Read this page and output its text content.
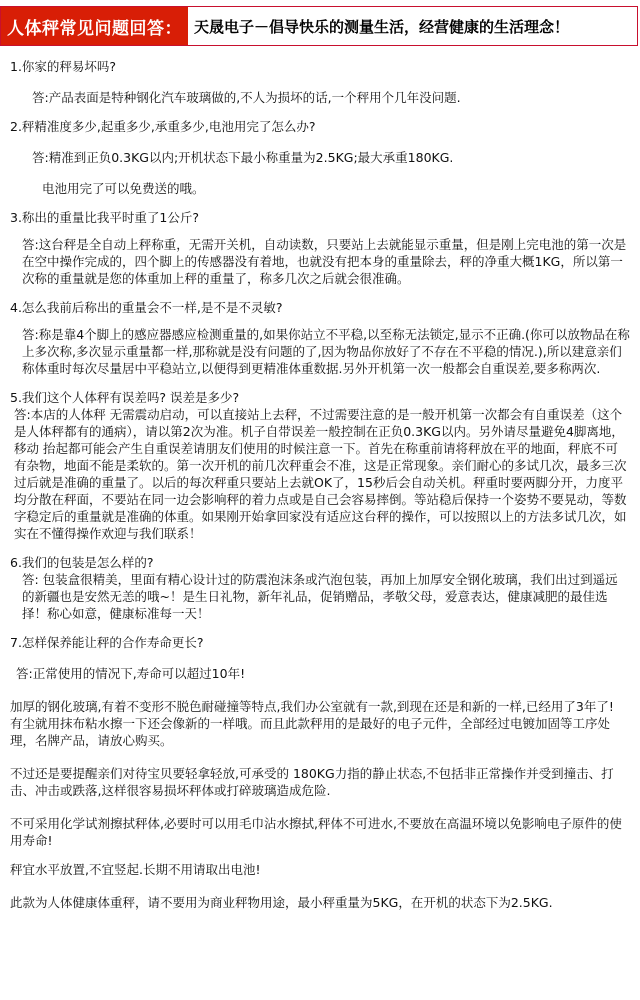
人体秤常见问题回答： 天晟电子－倡导快乐的测量生活，经营健康的生活理念！

1.你家的秤易坏吗?

答:产品表面是特种钢化汽车玻璃做的,不人为损坏的话,一个秤用个几年没问题.

2.秤精准度多少,起重多少,承重多少,电池用完了怎么办?

答:精准到正负0.3KG以内;开机状态下最小称重量为2.5KG;最大承重180KG.

电池用完了可以免费送的哦。

3.称出的重量比我平时重了1公斤?

答:这台秤是全自动上秤称重，无需开关机，自动读数，只要站上去就能显示重量，但是刚上完电池的第一次是在空中操作完成的，四个脚上的传感器没有着地，也就没有把本身的重量除去，秤的净重大概1KG，所以第一次称的重量就是您的体重加上秤的重量了，称多几次之后就会很准确。

4.怎么我前后称出的重量会不一样,是不是不灵敏?

答:称是靠4个脚上的感应器感应检测重量的,如果你站立不平稳,以至称无法锁定,显示不正确.(你可以放物品在称上多次称,多次显示重量都一样,那称就是没有问题的了,因为物品你放好了不存在不平稳的情况.),所以建意亲们称体重时每次尽量居中平稳站立,以便得到更精准体重数据.另外开机第一次一般都会自重误差,要多称两次.

5.我们这个人体秤有误差吗? 误差是多少?

答:本店的人体秤 无需震动启动，可以直接站上去秤，不过需要注意的是一般开机第一次都会有自重误差（这个是人体秤都有的通病），请以第2次为准。机子自带误差一般控制在正负0.3KG以内。另外请尽量避免4脚离地，移动 抬起都可能会产生自重误差请朋友们使用的时候注意一下。首先在称重前请将秤放在平的地面，秤底不可有杂物，地面不能是柔软的。第一次开机的前几次秤重会不准，这是正常现象。亲们耐心的多试几次，最多三次过后就是准确的重量了。以后的每次秤重只要站上去就OK了，15秒后会自动关机。秤重时要两脚分开，力度平均分散在秤面，不要站在同一边会影响秤的着力点或是自己会容易摔倒。等站稳后保持一个姿势不要晃动，等数字稳定后的重量就是准确的体重。如果刚开始拿回家没有适应这台秤的操作，可以按照以上的方法多试几次，如实在不懂得操作欢迎与我们联系！

6.我们的包装是怎么样的?

答: 包装盒很精美，里面有精心设计过的防震泡沫条或汽泡包装，再加上加厚安全钢化玻璃，我们出过到遥远的新疆也是安然无恙的哦~！是生日礼物，新年礼品，促销赠品，孝敬父母，爱意表达，健康减肥的最佳选择！称心如意，健康标准每一天！

7.怎样保养能让秤的合作寿命更长?

答:正常使用的情况下,寿命可以超过10年!

加厚的钢化玻璃,有着不变形不脱色耐碰撞等特点,我们办公室就有一款,到现在还是和新的一样,已经用了3年了! 有尘就用抹布粘水擦一下还会像新的一样哦。而且此款秤用的是最好的电子元件，全部经过电镀加固等工序处理，名牌产品，请放心购买。

不过还是要提醒亲们对待宝贝要轻拿轻放,可承受的 180KG力指的静止状态,不包括非正常操作并受到撞击、打击、冲击或跌落,这样很容易损坏秤体或打碎玻璃造成危险.

不可采用化学试剂擦拭秤体,必要时可以用毛巾沾水擦拭,秤体不可进水,不要放在高温环境以免影响电子原件的使用寿命!

秤宜水平放置,不宜竖起.长期不用请取出电池!

此款为人体健康体重秤，请不要用为商业秤物用途，最小秤重量为5KG，在开机的状态下为2.5KG.
